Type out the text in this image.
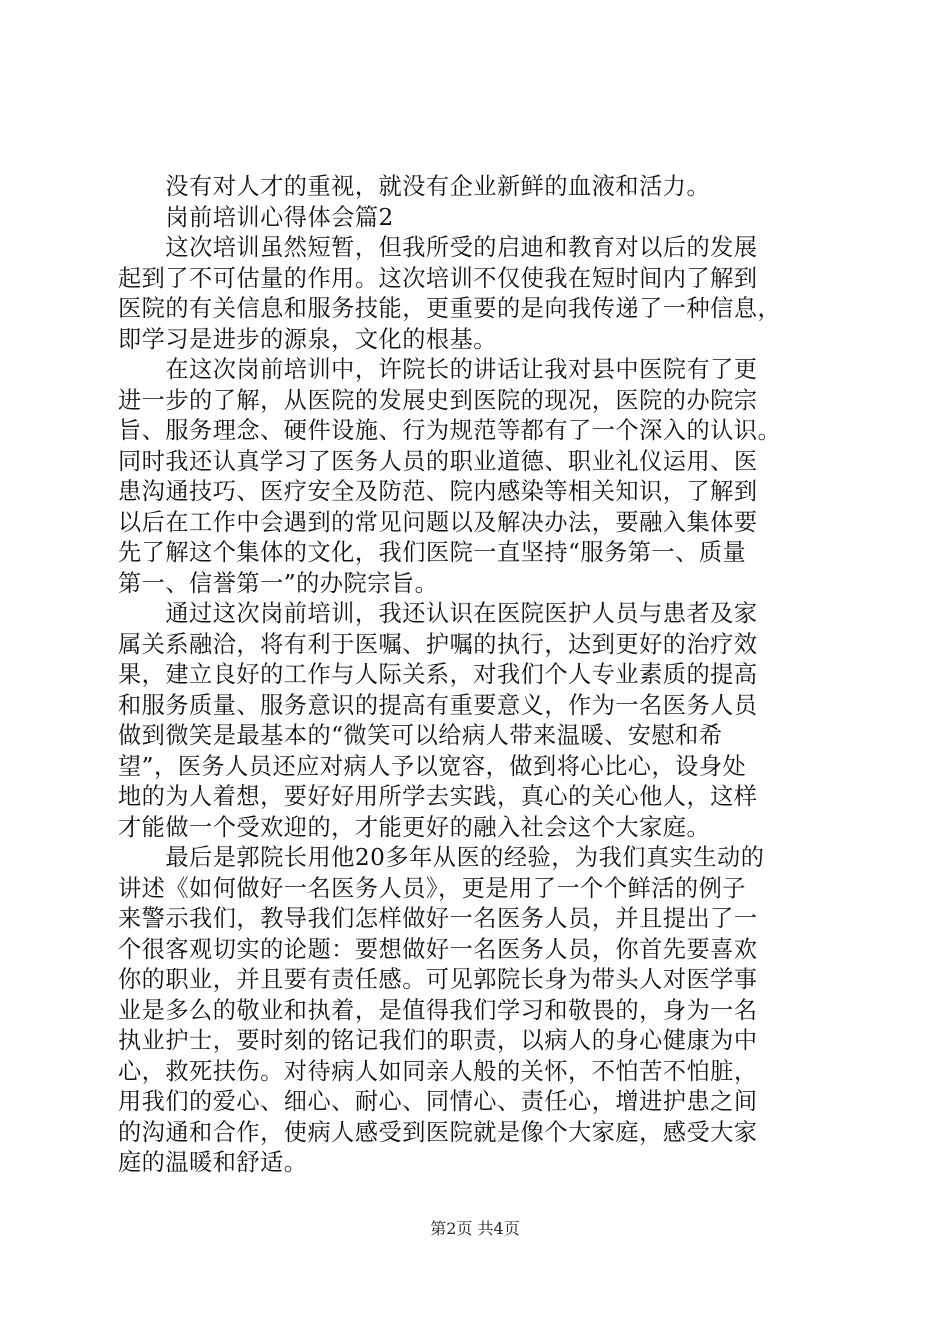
　　没有对人才的重视，就没有企业新鲜的血液和活力。
　　岗前培训心得体会篇2
　　这次培训虽然短暂，但我所受的启迪和教育对以后的发展
起到了不可估量的作用。这次培训不仅使我在短时间内了解到
医院的有关信息和服务技能，更重要的是向我传递了一种信息，
即学习是进步的源泉，文化的根基。
　　在这次岗前培训中，许院长的讲话让我对县中医院有了更
进一步的了解，从医院的发展史到医院的现况，医院的办院宗
旨、服务理念、硬件设施、行为规范等都有了一个深入的认识。
同时我还认真学习了医务人员的职业道德、职业礼仪运用、医
患沟通技巧、医疗安全及防范、院内感染等相关知识，了解到
以后在工作中会遇到的常见问题以及解决办法，要融入集体要
先了解这个集体的文化，我们医院一直坚持“服务第一、质量
第一、信誉第一”的办院宗旨。
　　通过这次岗前培训，我还认识在医院医护人员与患者及家
属关系融洽，将有利于医嘱、护嘱的执行，达到更好的治疗效
果，建立良好的工作与人际关系，对我们个人专业素质的提高
和服务质量、服务意识的提高有重要意义，作为一名医务人员
做到微笑是最基本的“微笑可以给病人带来温暖、安慰和希
望”，医务人员还应对病人予以宽容，做到将心比心，设身处
地的为人着想，要好好用所学去实践，真心的关心他人，这样
才能做一个受欢迎的，才能更好的融入社会这个大家庭。
　　最后是郭院长用他20多年从医的经验，为我们真实生动的
讲述《如何做好一名医务人员》，更是用了一个个鲜活的例子
来警示我们，教导我们怎样做好一名医务人员，并且提出了一
个很客观切实的论题：要想做好一名医务人员，你首先要喜欢
你的职业，并且要有责任感。可见郭院长身为带头人对医学事
业是多么的敬业和执着，是值得我们学习和敬畏的，身为一名
执业护士，要时刻的铭记我们的职责，以病人的身心健康为中
心，救死扶伤。对待病人如同亲人般的关怀，不怕苦不怕脏，
用我们的爱心、细心、耐心、同情心、责任心，增进护患之间
的沟通和合作，使病人感受到医院就是像个大家庭，感受大家
庭的温暖和舒适。
第2页 共4页
